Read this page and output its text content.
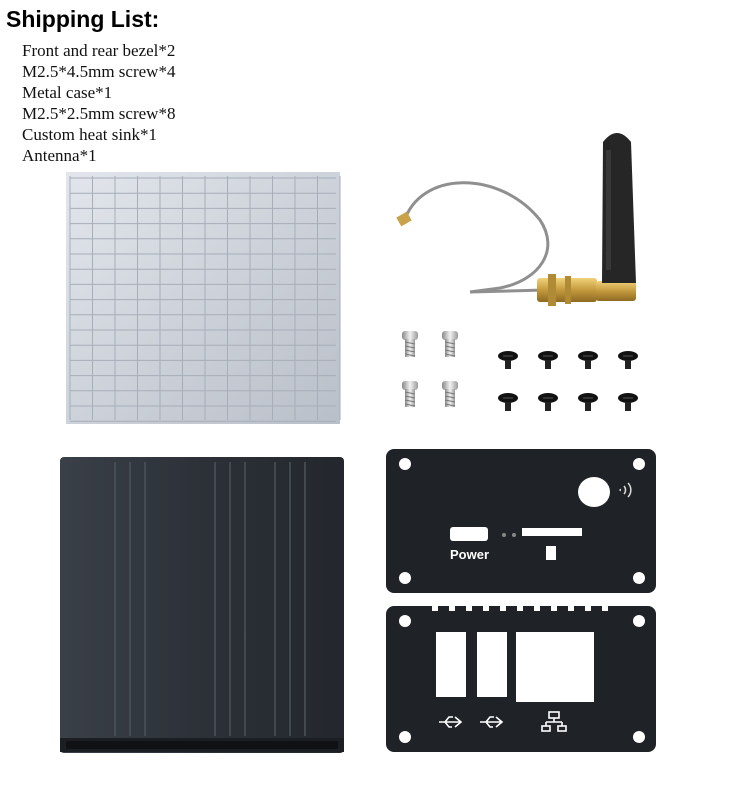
Shipping List:
Front and rear bezel*2
M2.5*4.5mm screw*4
Metal case*1
M2.5*2.5mm screw*8
Custom heat sink*1
Antenna*1
Power
